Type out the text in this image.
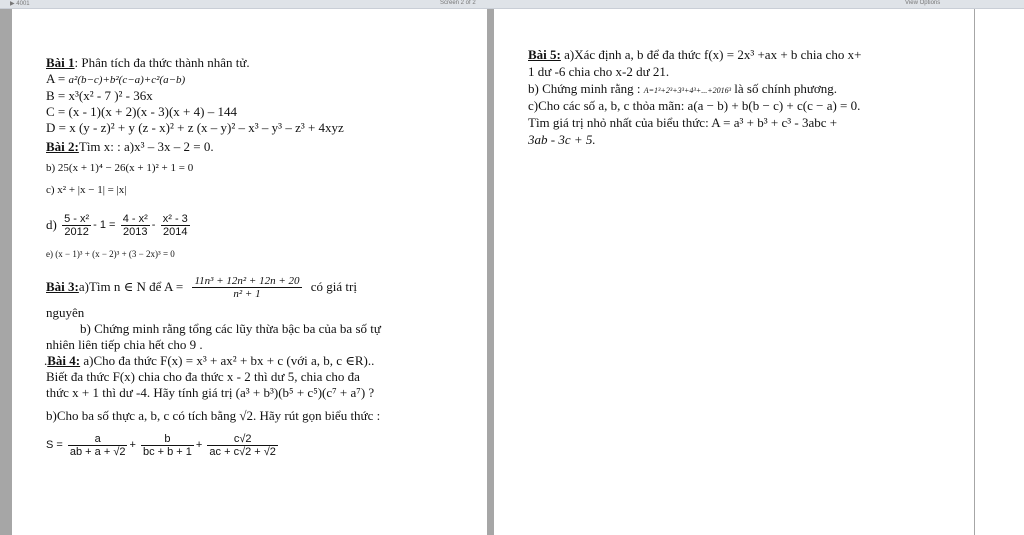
▶ 4001	Screen 2 of 2	View Options
Bài 1: Phân tích đa thức thành nhân tử.
A = a²(b−c)+b²(c−a)+c²(a−b)
B = x³(x² - 7 )² - 36x
C = (x - 1)(x + 2)(x - 3)(x + 4) – 144
D = x (y - z)² + y (z - x)² + z (x – y)² – x³ – y³ – z³ + 4xyz
Bài 2:Tìm x: : a)x³ – 3x – 2 = 0.
b) 25(x + 1)⁴ − 26(x + 1)² + 1 = 0
c) x² + |x − 1| = |x|
$d) \frac{\text{5 - x²}}{2012} - 1 = \frac{\text{4 - x²}}{2013} - \frac{\text{x² - 3}}{2014}$
e) (x − 1)³ + (x − 2)³ + (3 − 2x)³ = 0
Bài 3:a)Tìm n ∈ N để $A = \frac{\text{11n³ + 12n² + 12n + 20}}{\text{n² + 1}}$ có giá trị
nguyên
b) Chứng minh rằng tổng các lũy thừa bậc ba của ba số tự
nhiên liên tiếp chia hết cho 9 .
.Bài 4: a)Cho đa thức F(x) = x³ + ax² + bx + c (với a, b, c ∈R)..
Biết đa thức F(x) chia cho đa thức x - 2 thì dư 5, chia cho đa
thức x + 1 thì dư -4. Hãy tính giá trị (a³ + b³)(b⁵ + c⁵)(c⁷ + a⁷) ?
b)Cho ba số thực a, b, c có tích bằng √2. Hãy rút gọn biểu thức :
$S = \frac{a}{ab + a + √2} + \frac{b}{bc + b + 1} + \frac{c√2}{ac + c√2 + √2}$
Bài 5: a)Xác định a, b để đa thức f(x) = 2x³ +ax + b chia cho x+
1 dư -6 chia cho x-2 dư 21.
b) Chứng minh rằng : A=1³+2³+3³+4³+...+2016³ là số chính phương.
c)Cho các số a, b, c thỏa mãn: a(a − b) + b(b − c) + c(c − a) = 0.
Tìm giá trị nhỏ nhất của biểu thức: A = a³ + b³ + c³ - 3abc +
3ab - 3c + 5.
